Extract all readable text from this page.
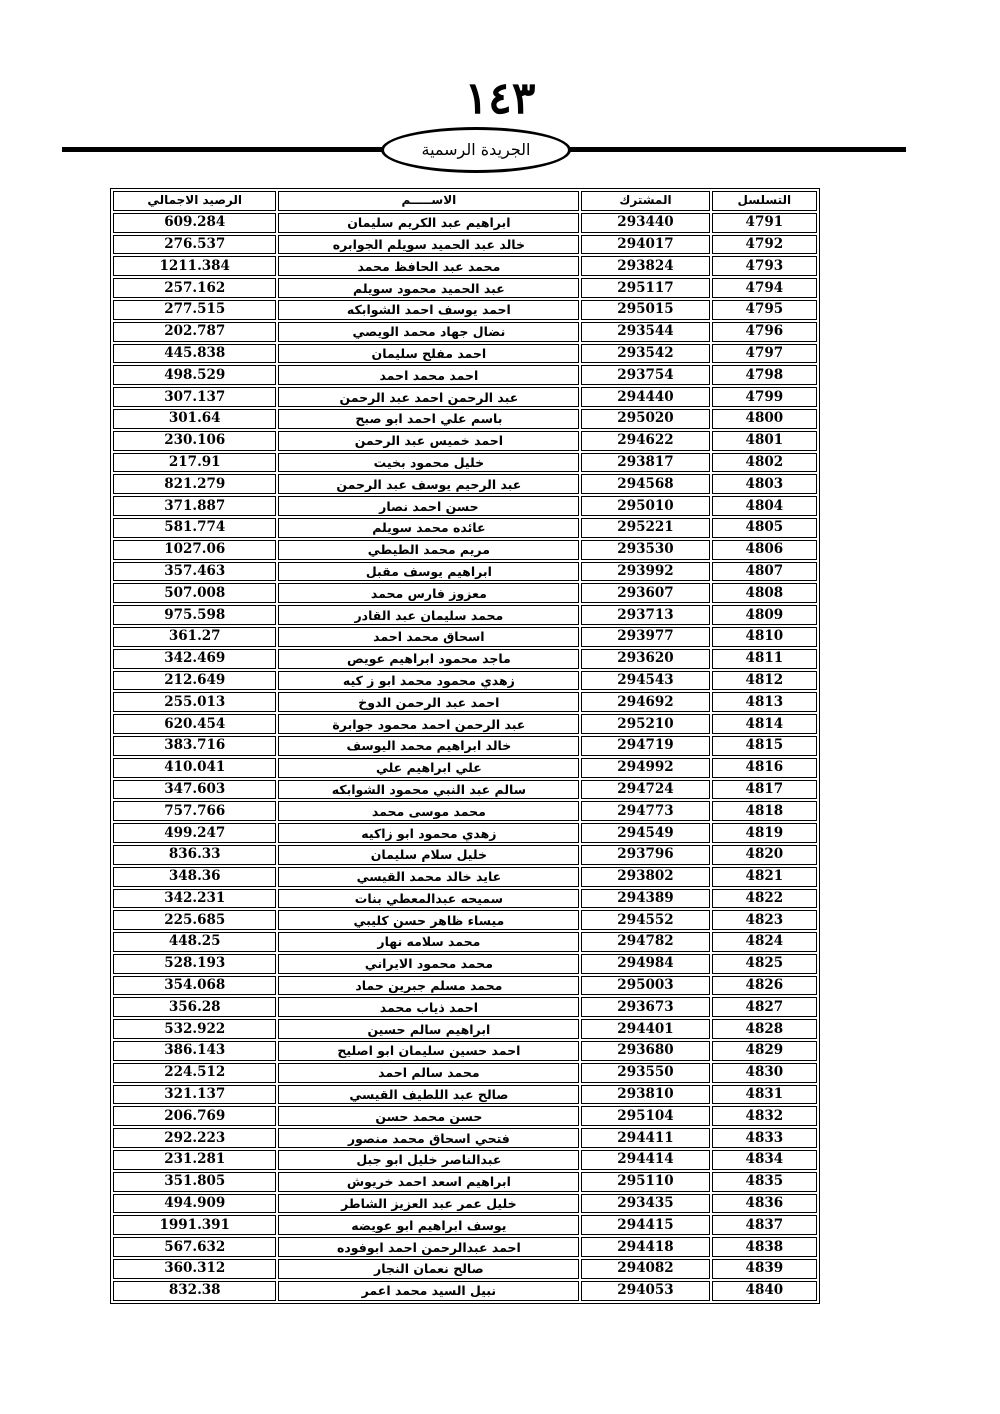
١٤٣
الجريدة الرسمية
الرصيد الاجمالي	الاســـــم	المشترك	التسلسل
609.284	ابراهيم عبد الكريم سليمان	293440	4791
276.537	خالد عبد الحميد سويلم الجوابره	294017	4792
1211.384	محمد عبد الحافظ محمد	293824	4793
257.162	عبد الحميد محمود سويلم	295117	4794
277.515	احمد يوسف احمد الشوابكه	295015	4795
202.787	نضال جهاد محمد الويصي	293544	4796
445.838	احمد مفلح سليمان	293542	4797
498.529	احمد محمد احمد	293754	4798
307.137	عبد الرحمن احمد عبد الرحمن	294440	4799
301.64	باسم علي احمد ابو صبح	295020	4800
230.106	احمد خميس عبد الرحمن	294622	4801
217.91	خليل محمود بخيت	293817	4802
821.279	عبد الرحيم يوسف عبد الرحمن	294568	4803
371.887	حسن احمد نصار	295010	4804
581.774	عائده محمد سويلم	295221	4805
1027.06	مريم محمد الطيطي	293530	4806
357.463	ابراهيم يوسف مقبل	293992	4807
507.008	معزوز فارس محمد	293607	4808
975.598	محمد سليمان عبد القادر	293713	4809
361.27	اسحاق محمد احمد	293977	4810
342.469	ماجد محمود ابراهيم عويص	293620	4811
212.649	زهدي محمود محمد ابو ز كيه	294543	4812
255.013	احمد عبد الرحمن الدوخ	294692	4813
620.454	عبد الرحمن احمد محمود جوابرة	295210	4814
383.716	خالد ابراهيم محمد اليوسف	294719	4815
410.041	علي ابراهيم علي	294992	4816
347.603	سالم عبد النبي محمود الشوابكه	294724	4817
757.766	محمد موسى محمد	294773	4818
499.247	زهدي محمود ابو زاكيه	294549	4819
836.33	خليل سلام سليمان	293796	4820
348.36	عايد خالد محمد القيسي	293802	4821
342.231	سميحه عبدالمعطي بنات	294389	4822
225.685	ميساء ظاهر حسن كليبي	294552	4823
448.25	محمد سلامه نهار	294782	4824
528.193	محمد محمود الايراني	294984	4825
354.068	محمد مسلم جبرين حماد	295003	4826
356.28	احمد ذياب محمد	293673	4827
532.922	ابراهيم سالم حسين	294401	4828
386.143	احمد حسين سليمان ابو اصليح	293680	4829
224.512	محمد سالم احمد	293550	4830
321.137	صالح عبد اللطيف القيسي	293810	4831
206.769	حسن محمد حسن	295104	4832
292.223	فتحي اسحاق محمد منصور	294411	4833
231.281	عبدالناصر خليل ابو جبل	294414	4834
351.805	ابراهيم اسعد احمد خريوش	295110	4835
494.909	خليل عمر عبد العزيز الشاطر	293435	4836
1991.391	يوسف ابراهيم ابو عويضه	294415	4837
567.632	احمد عبدالرحمن احمد ابوفوده	294418	4838
360.312	صالح نعمان النجار	294082	4839
832.38	نبيل السيد محمد اعمر	294053	4840
